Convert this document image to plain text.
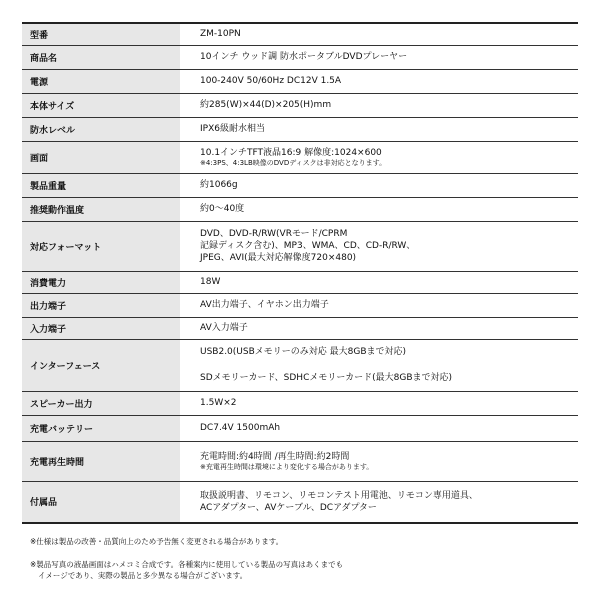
型番	ZM-10PN

商品名	10インチ ウッド調 防水ポータブルDVDプレーヤー

電源	100-240V 50/60Hz DC12V 1.5A

本体サイズ	約285(W)×44(D)×205(H)mm

防水レベル	IPX6級耐水相当

画面	10.1インチTFT液晶16:9 解像度:1024×600
※4:3PS、4:3LB映像のDVDディスクは非対応となります。

製品重量	約1066g

推奨動作温度	約0〜40度

対応フォーマット	DVD、DVD-R/RW(VRモード/CPRM
記録ディスク含む)、MP3、WMA、CD、CD-R/RW、
JPEG、AVI(最大対応解像度720×480)

消費電力	18W

出力端子	AV出力端子、イヤホン出力端子

入力端子	AV入力端子

インターフェース	USB2.0(USBメモリーのみ対応 最大8GBまで対応)
SDメモリーカード、SDHCメモリーカード(最大8GBまで対応)

スピーカー出力	1.5W×2

充電バッテリー	DC7.4V 1500mAh

充電再生時間	充電時間:約4時間 /再生時間:約2時間
※充電再生時間は環境により変化する場合があります。

付属品	取扱説明書、リモコン、リモコンテスト用電池、リモコン専用道具、
ACアダプター、AVケーブル、DCアダプター
※仕様は製品の改善・品質向上のため予告無く変更される場合があります。
※製品写真の液晶画面はハメコミ合成です。各種案内に使用している製品の写真はあくまでも
イメージであり、実際の製品と多少異なる場合がございます。
